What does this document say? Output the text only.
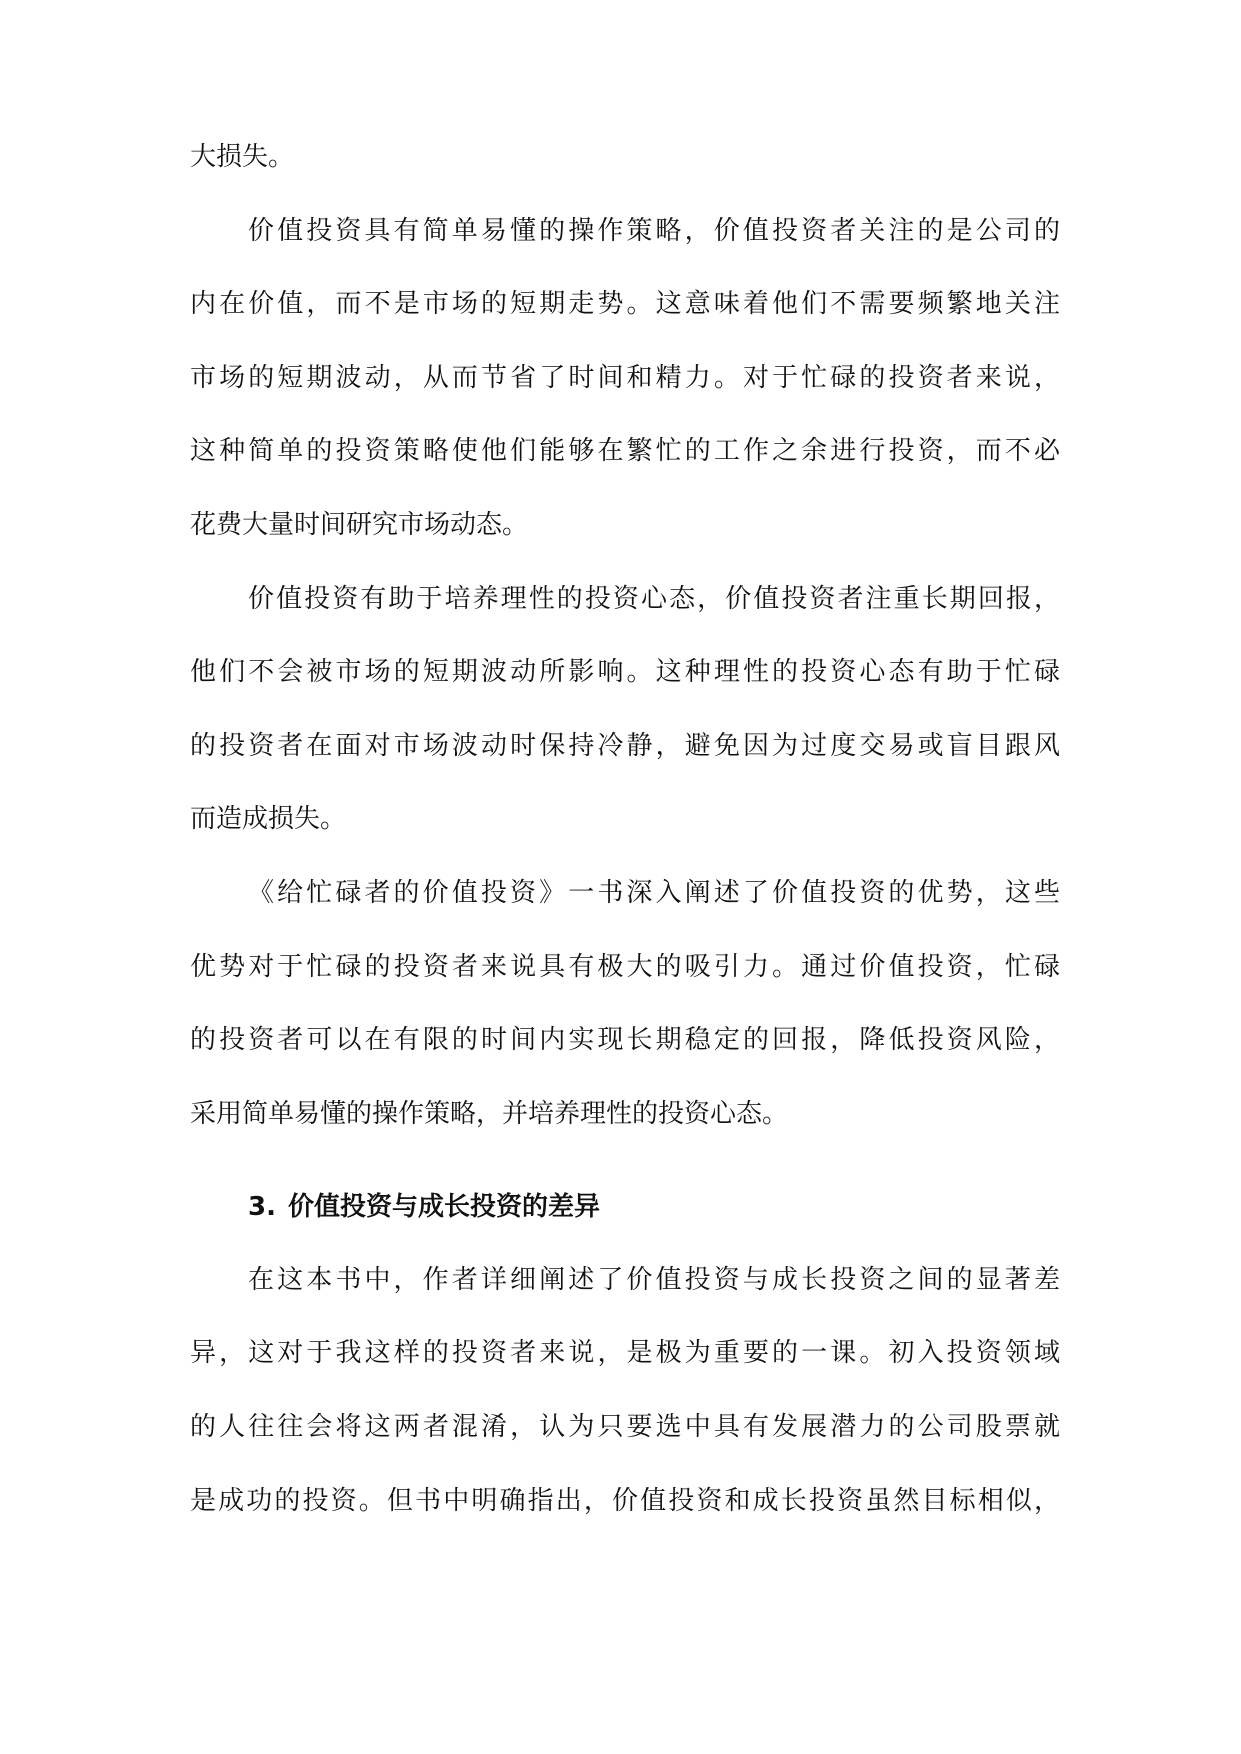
大损失。
价值投资具有简单易懂的操作策略，价值投资者关注的是公司的
内在价值，而不是市场的短期走势。这意味着他们不需要频繁地关注
市场的短期波动，从而节省了时间和精力。对于忙碌的投资者来说，
这种简单的投资策略使他们能够在繁忙的工作之余进行投资，而不必
花费大量时间研究市场动态。
价值投资有助于培养理性的投资心态，价值投资者注重长期回报，
他们不会被市场的短期波动所影响。这种理性的投资心态有助于忙碌
的投资者在面对市场波动时保持冷静，避免因为过度交易或盲目跟风
而造成损失。
《给忙碌者的价值投资》一书深入阐述了价值投资的优势，这些
优势对于忙碌的投资者来说具有极大的吸引力。通过价值投资，忙碌
的投资者可以在有限的时间内实现长期稳定的回报，降低投资风险，
采用简单易懂的操作策略，并培养理性的投资心态。
3. 价值投资与成长投资的差异
在这本书中，作者详细阐述了价值投资与成长投资之间的显著差
异，这对于我这样的投资者来说，是极为重要的一课。初入投资领域
的人往往会将这两者混淆，认为只要选中具有发展潜力的公司股票就
是成功的投资。但书中明确指出，价值投资和成长投资虽然目标相似，
